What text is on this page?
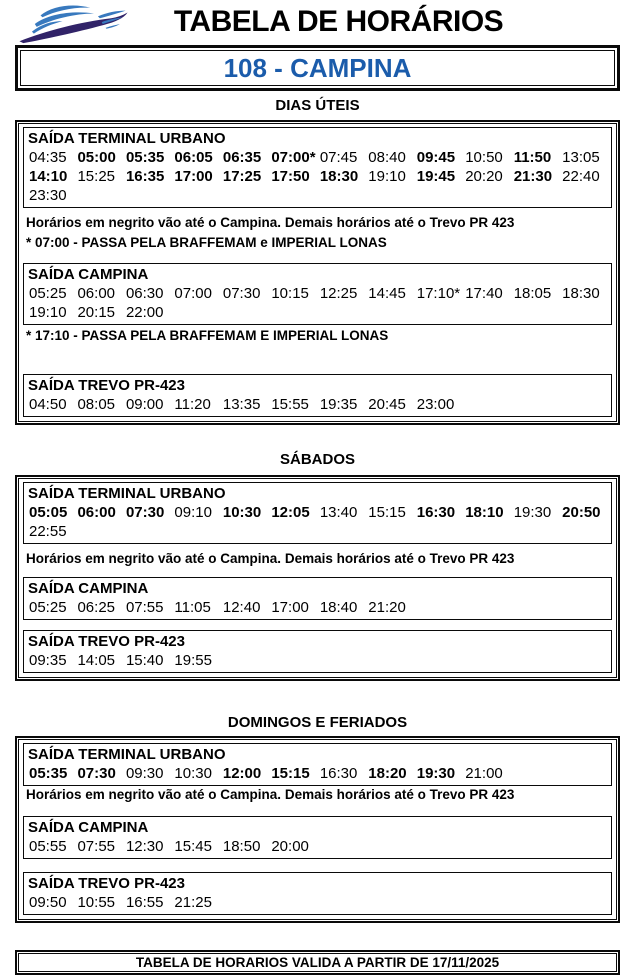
TABELA DE HORÁRIOS
108 - CAMPINA
DIAS ÚTEIS
SAÍDA TERMINAL URBANO
04:35 05:00 05:35 06:05 06:35 07:00* 07:45 08:40 09:45 10:50 11:50 13:05
14:10 15:25 16:35 17:00 17:25 17:50 18:30 19:10 19:45 20:20 21:30 22:40
23:30
Horários em negrito vão até o Campina. Demais horários até o Trevo PR 423
* 07:00 - PASSA PELA BRAFFEMAM e IMPERIAL LONAS
SAÍDA CAMPINA
05:25 06:00 06:30 07:00 07:30 10:15 12:25 14:45 17:10* 17:40 18:05 18:30
19:10 20:15 22:00
* 17:10 - PASSA PELA BRAFFEMAM E IMPERIAL LONAS
SAÍDA TREVO PR-423
04:50 08:05 09:00 11:20 13:35 15:55 19:35 20:45 23:00
SÁBADOS
SAÍDA TERMINAL URBANO
05:05 06:00 07:30 09:10 10:30 12:05 13:40 15:15 16:30 18:10 19:30 20:50
22:55
Horários em negrito vão até o Campina. Demais horários até o Trevo PR 423
SAÍDA CAMPINA
05:25 06:25 07:55 11:05 12:40 17:00 18:40 21:20
SAÍDA TREVO PR-423
09:35 14:05 15:40 19:55
DOMINGOS E FERIADOS
SAÍDA TERMINAL URBANO
05:35 07:30 09:30 10:30 12:00 15:15 16:30 18:20 19:30 21:00
Horários em negrito vão até o Campina. Demais horários até o Trevo PR 423
SAÍDA CAMPINA
05:55 07:55 12:30 15:45 18:50 20:00
SAÍDA TREVO PR-423
09:50 10:55 16:55 21:25
TABELA DE HORARIOS VALIDA A PARTIR DE 17/11/2025
